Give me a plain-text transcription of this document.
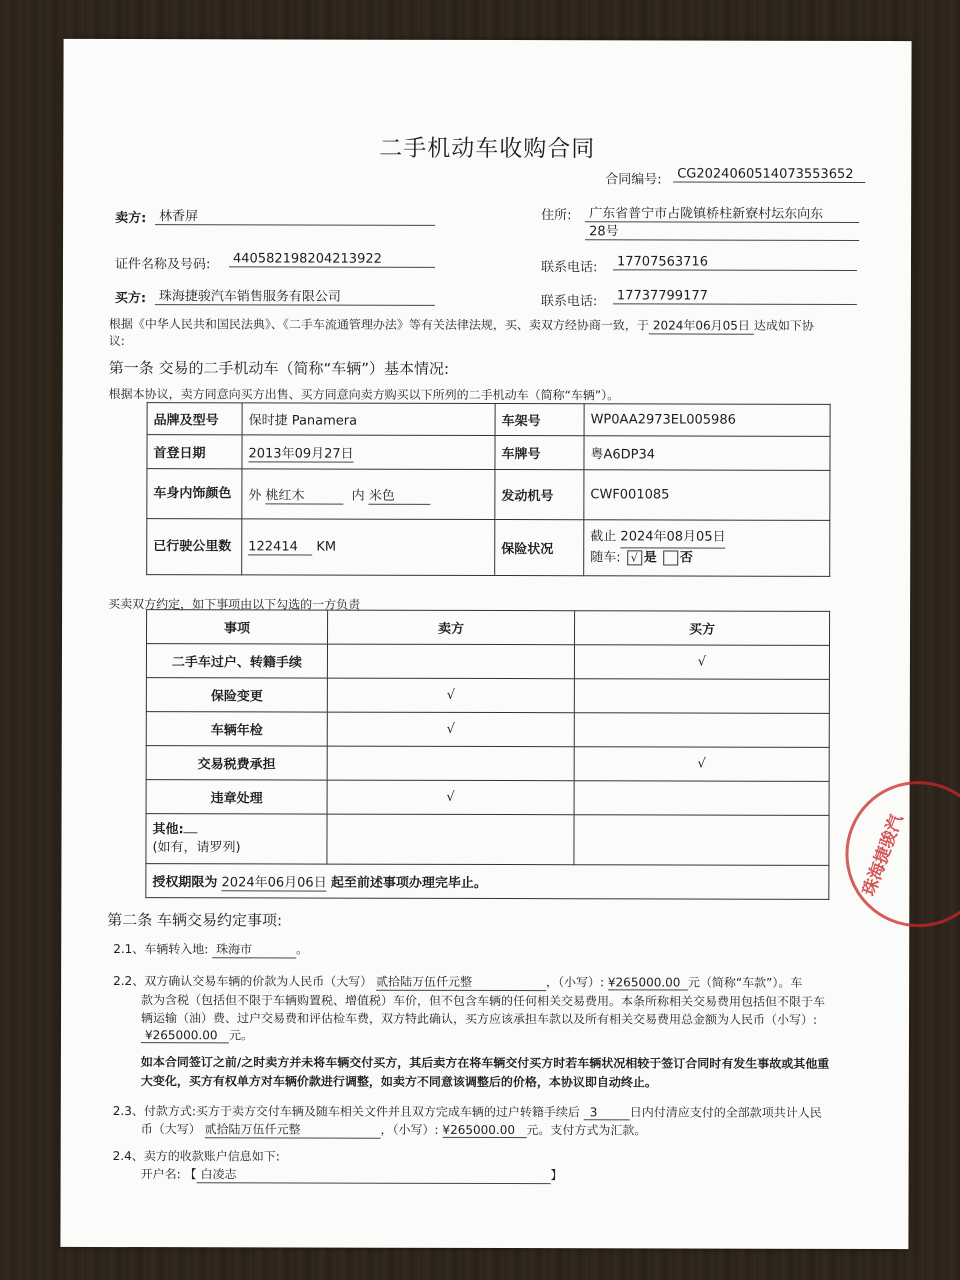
二手机动车收购合同
合同编号:	CG2024060514073553652
卖方: 林香屏	住所:	广东省普宁市占陇镇桥柱新寮村坛东向东
28号
证件名称及号码:	440582198204213922
联系电话:	17707563716
买方: 珠海捷骏汽车销售服务有限公司	联系电话:	17737799177
根据《中华人民共和国民法典》、《二手车流通管理办法》等有关法律法规，买、卖双方经协商一致，于 2024年06月05日 达成如下协
议:
第一条 交易的二手机动车（简称“车辆”）基本情况:
根据本协议，卖方同意向买方出售、买方同意向卖方购买以下所列的二手机动车（简称“车辆”）。
品牌及型号	保时捷 Panamera	车架号	WP0AA2973EL005986
首登日期	2013年09月27日	车牌号	粤A6DP34
车身内饰颜色	外 桃红木 内 米色	发动机号	CWF001085
已行驶公里数	122414 KM	保险状况	截止 2024年08月05日
随车: √ 是 否
买卖双方约定，如下事项由以下勾选的一方负责
事项	卖方	买方
二手车过户、转籍手续		√
保险变更	√	
车辆年检	√	
交易税费承担		√
违章处理	√	
其他:
(如有，请罗列)		
授权期限为 2024年06月06日 起至前述事项办理完毕止。		
第二条 车辆交易约定事项:
2.1、车辆转入地: 珠海市	。
2.2、双方确认交易车辆的价款为人民币（大写） 贰拾陆万伍仟元整	，（小写）: ¥265000.00 元（简称“车款”）。车
款为含税（包括但不限于车辆购置税、增值税）车价，但不包含车辆的任何相关交易费用。本条所称相关交易费用包括但不限于车
辆运输（油）费、过户交易费和评估检车费，双方特此确认，买方应该承担车款以及所有相关交易费用总金额为人民币（小写）:
¥265000.00 元。
如本合同签订之前/之时卖方并未将车辆交付买方，其后卖方在将车辆交付买方时若车辆状况相较于签订合同时有发生事故或其他重
大变化，买方有权单方对车辆价款进行调整，如卖方不同意该调整后的价格，本协议即自动终止。
2.3、付款方式:买方于卖方交付车辆及随车相关文件并且双方完成车辆的过户转籍手续后 3	日内付清应支付的全部款项共计人民
币（大写） 贰拾陆万伍仟元整	，（小写）: ¥265000.00 元。支付方式为汇款。
2.4、卖方的收款账户信息如下:
开户名: 【 白凌志	】
珠海捷骏汽
